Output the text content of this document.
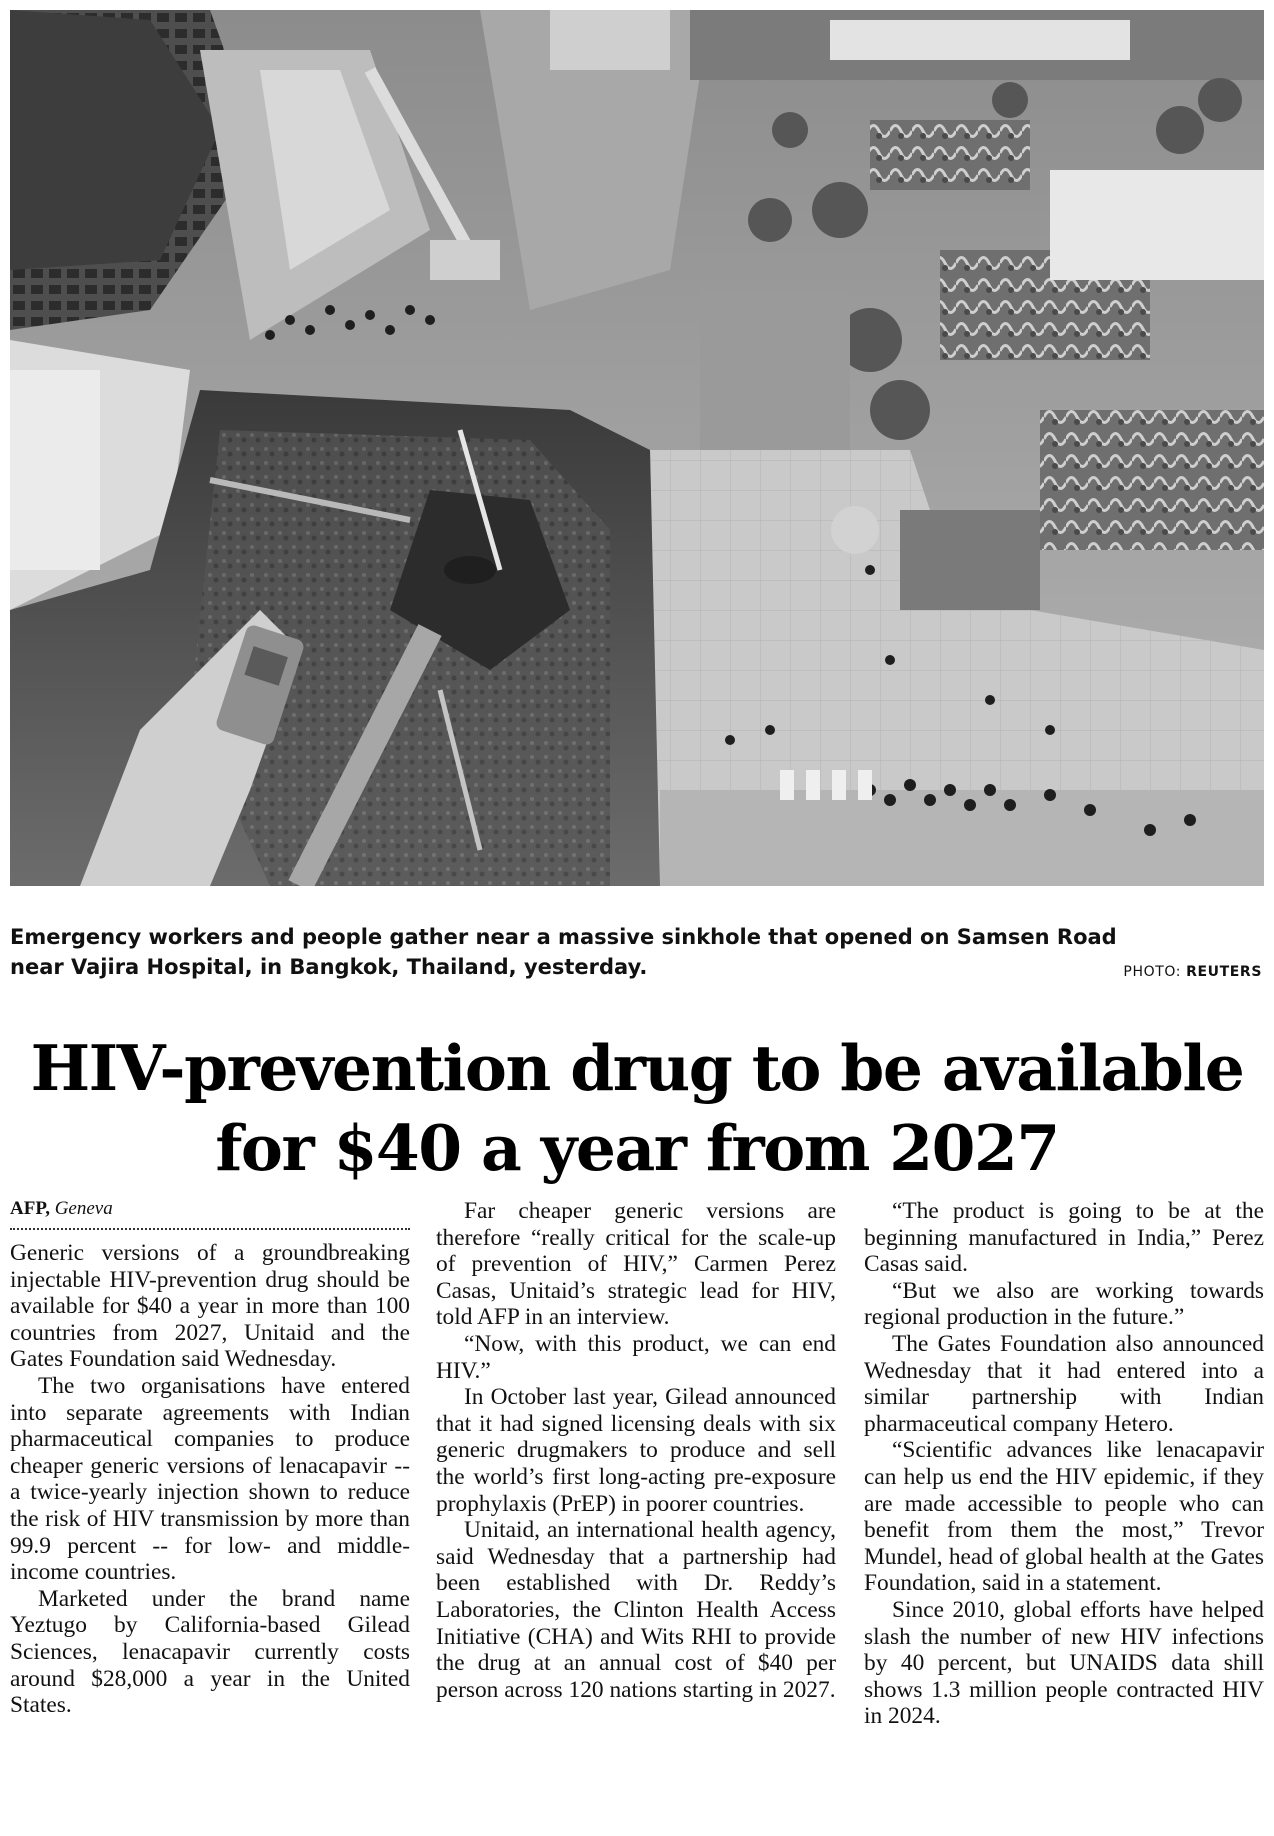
Emergency workers and people gather near a massive sinkhole that opened on Samsen Road near Vajira Hospital, in Bangkok, Thailand, yesterday.	PHOTO: REUTERS
HIV-prevention drug to be available
for $40 a year from 2027
AFP, Geneva

Generic versions of a groundbreaking injectable HIV-prevention drug should be available for $40 a year in more than 100 countries from 2027, Unitaid and the Gates Foundation said Wednesday.

The two organisations have entered into separate agreements with Indian pharmaceutical companies to produce cheaper generic versions of lenacapavir -- a twice-yearly injection shown to reduce the risk of HIV transmission by more than 99.9 percent -- for low- and middle-income countries.

Marketed under the brand name Yeztugo by California-based Gilead Sciences, lenacapavir currently costs around $28,000 a year in the United States.

Far cheaper generic versions are therefore “really critical for the scale-up of prevention of HIV,” Carmen Perez Casas, Unitaid’s strategic lead for HIV, told AFP in an interview.

“Now, with this product, we can end HIV.”

In October last year, Gilead announced that it had signed licensing deals with six generic drugmakers to produce and sell the world’s first long-acting pre-exposure prophylaxis (PrEP) in poorer countries.

Unitaid, an international health agency, said Wednesday that a partnership had been established with Dr. Reddy’s Laboratories, the Clinton Health Access Initiative (CHA) and Wits RHI to provide the drug at an annual cost of $40 per person across 120 nations starting in 2027.

“The product is going to be at the beginning manufactured in India,” Perez Casas said.

“But we also are working towards regional production in the future.”

The Gates Foundation also announced Wednesday that it had entered into a similar partnership with Indian pharmaceutical company Hetero.

“Scientific advances like lenacapavir can help us end the HIV epidemic, if they are made accessible to people who can benefit from them the most,” Trevor Mundel, head of global health at the Gates Foundation, said in a statement.

Since 2010, global efforts have helped slash the number of new HIV infections by 40 percent, but UNAIDS data shill shows 1.3 million people contracted HIV in 2024.
